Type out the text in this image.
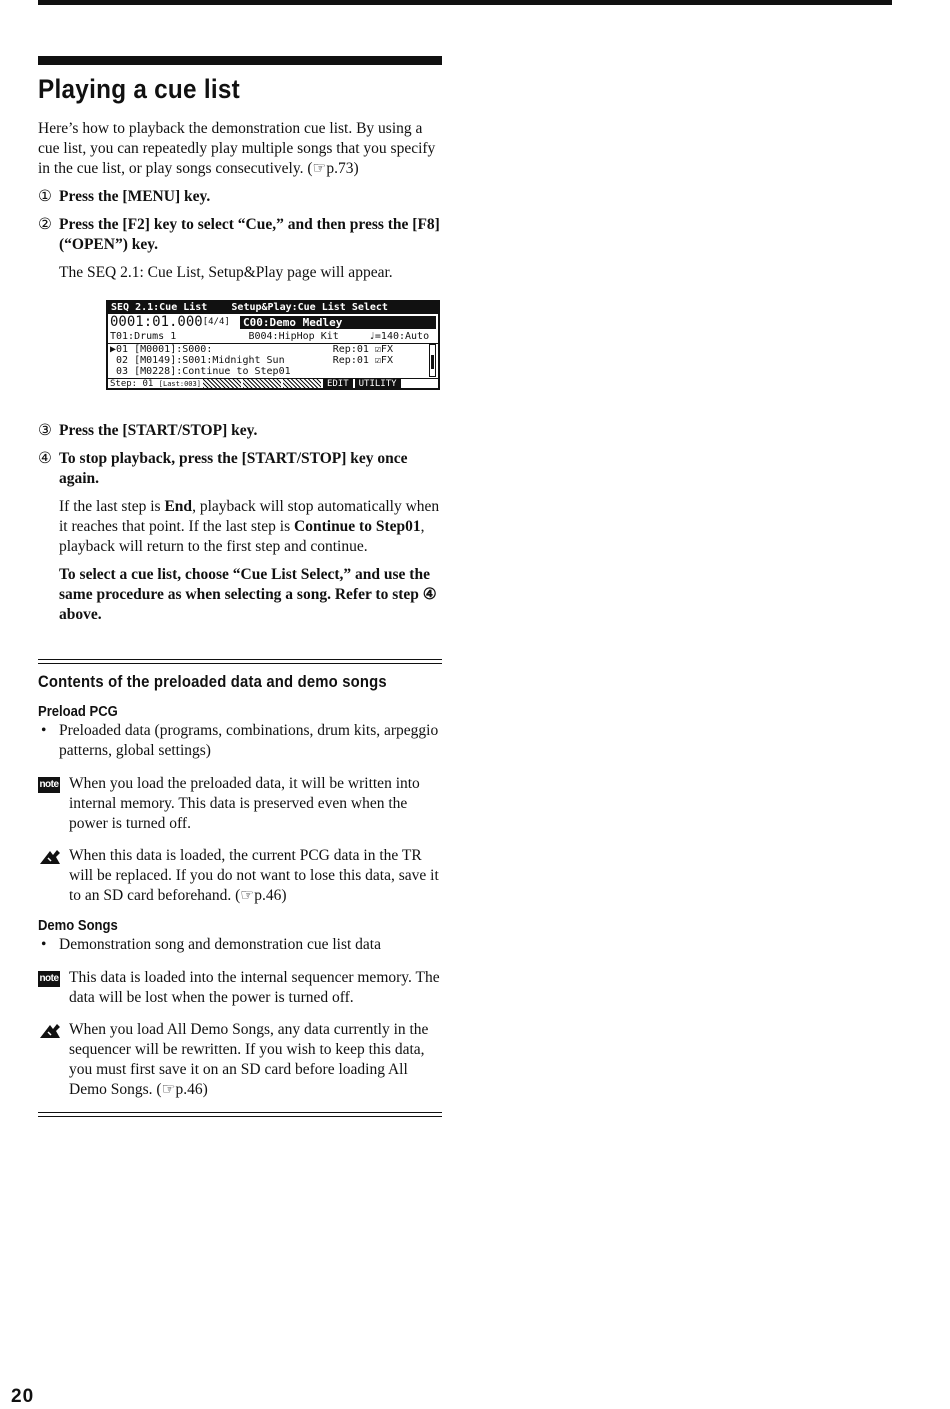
Playing a cue list

Here’s how to playback the demonstration cue list. By using a cue list, you can repeatedly play multiple songs that you specify in the cue list, or play songs consecutively. (☞p.73)

① Press the [MENU] key.
② Press the [F2] key to select “Cue,” and then press the [F8] (“OPEN”) key.

The SEQ 2.1: Cue List, Setup&Play page will appear.

SEQ 2.1:Cue List    Setup&Play:Cue List Select
0001:01.000[4/4] C00:Demo Medley
T01:Drums 1            B004:HipHop Kit     ♩=140:Auto
▶01 [M0001]:S000:                    Rep:01 ☑FX
02 [M0149]:S001:Midnight Sun        Rep:01 ☑FX
03 [M0228]:Continue to Step01
Step: 01 [Last:003]	EDIT UTILITY
③ Press the [START/STOP] key.
④ To stop playback, press the [START/STOP] key once again.

If the last step is End, playback will stop automatically when it reaches that point. If the last step is Continue to Step01, playback will return to the first step and continue.

To select a cue list, choose “Cue List Select,” and use the same procedure as when selecting a song. Refer to step ④ above.

Contents of the preloaded data and demo songs
Preload PCG

• Preloaded data (programs, combinations, drum kits, arpeggio patterns, global settings)

note When you load the preloaded data, it will be written into internal memory. This data is preserved even when the power is turned off.

When this data is loaded, the current PCG data in the TR will be replaced. If you do not want to lose this data, save it to an SD card beforehand. (☞p.46)

Demo Songs

• Demonstration song and demonstration cue list data

note This data is loaded into the internal sequencer memory. The data will be lost when the power is turned off.

When you load All Demo Songs, any data currently in the sequencer will be rewritten. If you wish to keep this data, you must first save it on an SD card before loading All Demo Songs. (☞p.46)

20
